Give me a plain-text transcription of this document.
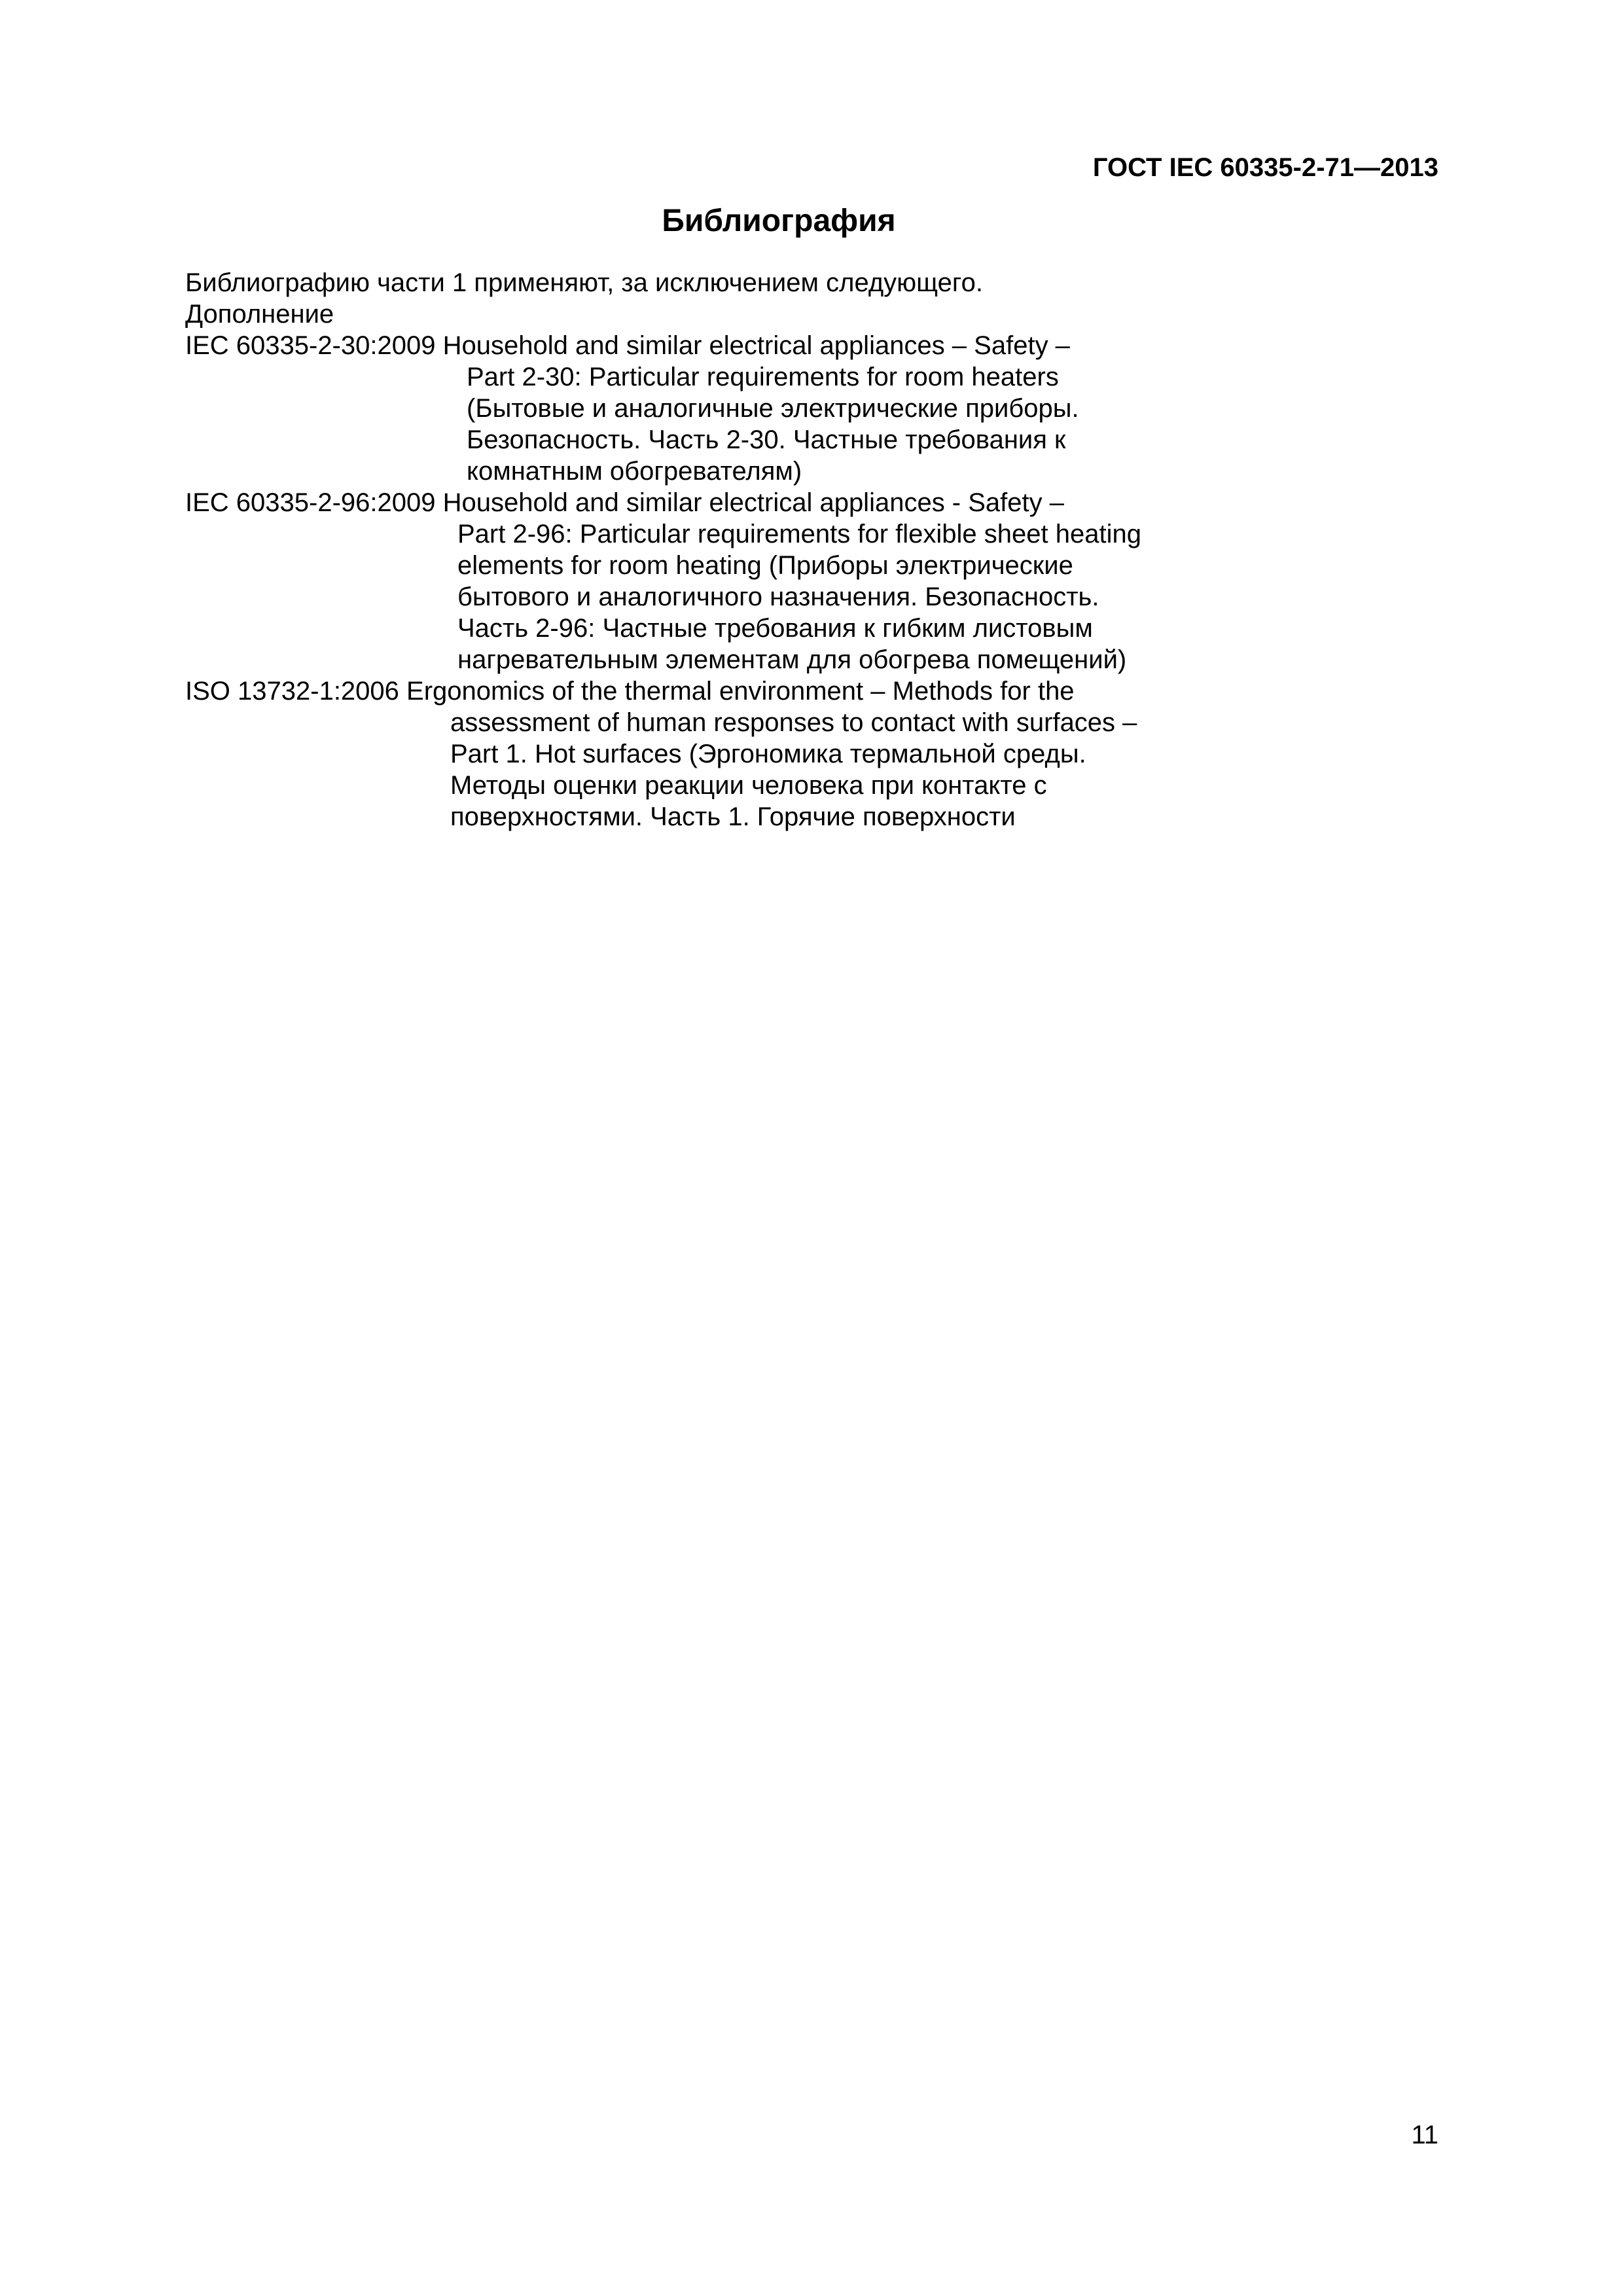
ГОСТ IEC 60335-2-71—2013
Библиография
Библиографию части 1 применяют, за исключением следующего.
Дополнение
IEC 60335-2-30:2009 Household and similar electrical appliances – Safety –
Part 2-30: Particular requirements for room heaters
(Бытовые и аналогичные электрические приборы.
Безопасность. Часть 2-30. Частные требования к
комнатным обогревателям)
IEC 60335-2-96:2009 Household and similar electrical appliances - Safety –
Part 2-96: Particular requirements for flexible sheet heating
elements for room heating (Приборы электрические
бытового и аналогичного назначения. Безопасность.
Часть 2-96: Частные требования к гибким листовым
нагревательным элементам для обогрева помещений)
ISO 13732-1:2006 Ergonomics of the thermal environment – Methods for the
assessment of human responses to contact with surfaces –
Part 1. Hot surfaces (Эргономика термальной среды.
Методы оценки реакции человека при контакте с
поверхностями. Часть 1. Горячие поверхности
11
